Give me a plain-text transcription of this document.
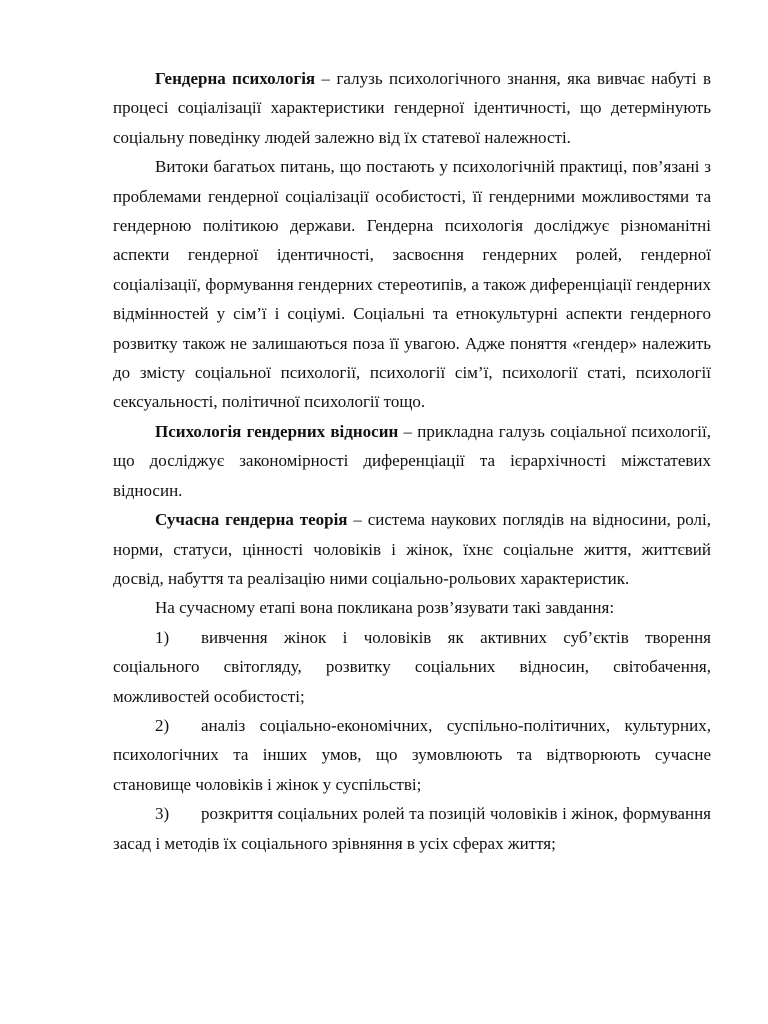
Гендерна психологія – галузь психологічного знання, яка вивчає набуті в процесі соціалізації характеристики гендерної ідентичності, що детермінують соціальну поведінку людей залежно від їх статевої належності.

Витоки багатьох питань, що постають у психологічній практиці, пов’язані з проблемами гендерної соціалізації особистості, її гендерними можливостями та гендерною політикою держави. Гендерна психологія досліджує різноманітні аспекти гендерної ідентичності, засвоєння гендерних ролей, гендерної соціалізації, формування гендерних стереотипів, а також диференціації гендерних відмінностей у сім’ї і соціумі. Соціальні та етнокультурні аспекти гендерного розвитку також не залишаються поза її увагою. Адже поняття «гендер» належить до змісту соціальної психології, психології сім’ї, психології статі, психології сексуальності, політичної психології тощо.

Психологія гендерних відносин – прикладна галузь соціальної психології, що досліджує закономірності диференціації та ієрархічності міжстатевих відносин.

Сучасна гендерна теорія – система наукових поглядів на відносини, ролі, норми, статуси, цінності чоловіків і жінок, їхнє соціальне життя, життєвий досвід, набуття та реалізацію ними соціально-рольових характеристик.

На сучасному етапі вона покликана розв’язувати такі завдання:

1) вивчення жінок і чоловіків як активних суб’єктів творення соціального світогляду, розвитку соціальних відносин, світобачення, можливостей особистості;

2) аналіз соціально-економічних, суспільно-політичних, культурних, психологічних та інших умов, що зумовлюють та відтворюють сучасне становище чоловіків і жінок у суспільстві;

3) розкриття соціальних ролей та позицій чоловіків і жінок, формування засад і методів їх соціального зрівняння в усіх сферах життя;
